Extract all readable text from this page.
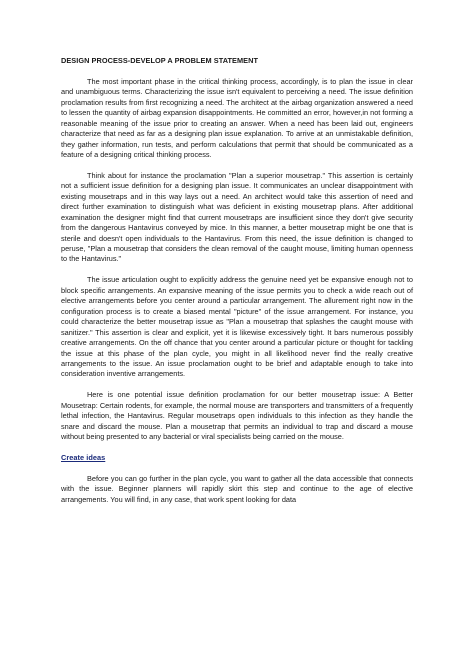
DESIGN PROCESS-DEVELOP A PROBLEM STATEMENT

The most important phase in the critical thinking process, accordingly, is to plan the issue in clear and unambiguous terms. Characterizing the issue isn't equivalent to perceiving a need. The issue definition proclamation results from first recognizing a need. The architect at the airbag organization answered a need to lessen the quantity of airbag expansion disappointments. He committed an error, however,in not forming a reasonable meaning of the issue prior to creating an answer. When a need has been laid out, engineers characterize that need as far as a designing plan issue explanation. To arrive at an unmistakable definition, they gather information, run tests, and perform calculations that permit that should be communicated as a feature of a designing critical thinking process.

Think about for instance the proclamation "Plan a superior mousetrap." This assertion is certainly not a sufficient issue definition for a designing plan issue. It communicates an unclear disappointment with existing mousetraps and in this way lays out a need. An architect would take this assertion of need and direct further examination to distinguish what was deficient in existing mousetrap plans. After additional examination the designer might find that current mousetraps are insufficient since they don't give security from the dangerous Hantavirus conveyed by mice. In this manner, a better mousetrap might be one that is sterile and doesn't open individuals to the Hantavirus. From this need, the issue definition is changed to peruse, "Plan a mousetrap that considers the clean removal of the caught mouse, limiting human openness to the Hantavirus."

The issue articulation ought to explicitly address the genuine need yet be expansive enough not to block specific arrangements. An expansive meaning of the issue permits you to check a wide reach out of elective arrangements before you center around a particular arrangement. The allurement right now in the configuration process is to create a biased mental "picture" of the issue arrangement. For instance, you could characterize the better mousetrap issue as "Plan a mousetrap that splashes the caught mouse with sanitizer." This assertion is clear and explicit, yet it is likewise excessively tight. It bars numerous possibly creative arrangements. On the off chance that you center around a particular picture or thought for tackling the issue at this phase of the plan cycle, you might in all likelihood never find the really creative arrangements to the issue. An issue proclamation ought to be brief and adaptable enough to take into consideration inventive arrangements.

Here is one potential issue definition proclamation for our better mousetrap issue: A Better Mousetrap: Certain rodents, for example, the normal mouse are transporters and transmitters of a frequently lethal infection, the Hantavirus. Regular mousetraps open individuals to this infection as they handle the snare and discard the mouse. Plan a mousetrap that permits an individual to trap and discard a mouse without being presented to any bacterial or viral specialists being carried on the mouse.

Create ideas

Before you can go further in the plan cycle, you want to gather all the data accessible that connects with the issue. Beginner planners will rapidly skirt this step and continue to the age of elective arrangements. You will find, in any case, that work spent looking for data
